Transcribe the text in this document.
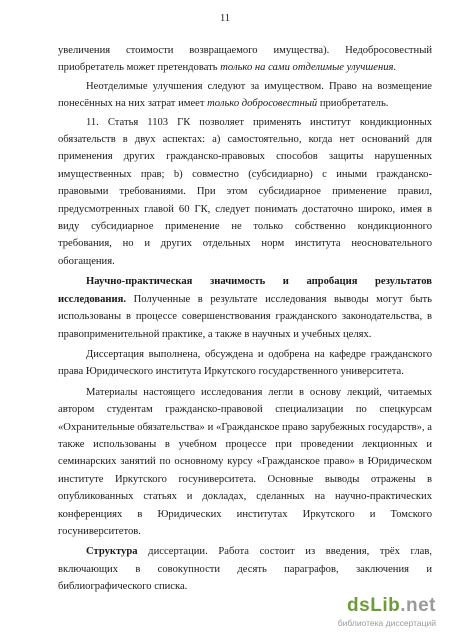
11

увеличения стоимости возвращаемого имущества). Недобросовестный приобретатель может претендовать только на сами отделимые улучшения.

Неотделимые улучшения следуют за имуществом. Право на возмещение понесённых на них затрат имеет только добросовестный приобретатель.

11. Статья 1103 ГК позволяет применять институт кондикционных обязательств в двух аспектах: a) самостоятельно, когда нет оснований для применения других гражданско-правовых способов защиты нарушенных имущественных прав; b) совместно (субсидиарно) с иными гражданско-правовыми требованиями. При этом субсидиарное применение правил, предусмотренных главой 60 ГК, следует понимать достаточно широко, имея в виду субсидиарное применение не только собственно кондикционного требования, но и других отдельных норм института неосновательного обогащения.

Научно-практическая значимость и апробация результатов исследования. Полученные в результате исследования выводы могут быть использованы в процессе совершенствования гражданского законодательства, в правоприменительной практике, а также в научных и учебных целях.

Диссертация выполнена, обсуждена и одобрена на кафедре гражданского права Юридического института Иркутского государственного университета.

Материалы настоящего исследования легли в основу лекций, читаемых автором студентам гражданско-правовой специализации по спецкурсам «Охранительные обязательства» и «Гражданское право зарубежных государств», а также использованы в учебном процессе при проведении лекционных и семинарских занятий по основному курсу «Гражданское право» в Юридическом институте Иркутского госуниверситета. Основные выводы отражены в опубликованных статьях и докладах, сделанных на научно-практических конференциях в Юридических институтах Иркутского и Томского госуниверситетов.

Структура диссертации. Работа состоит из введения, трёх глав, включающих в совокупности десять параграфов, заключения и библиографического списка.

dsLib.net
библиотека диссертаций
